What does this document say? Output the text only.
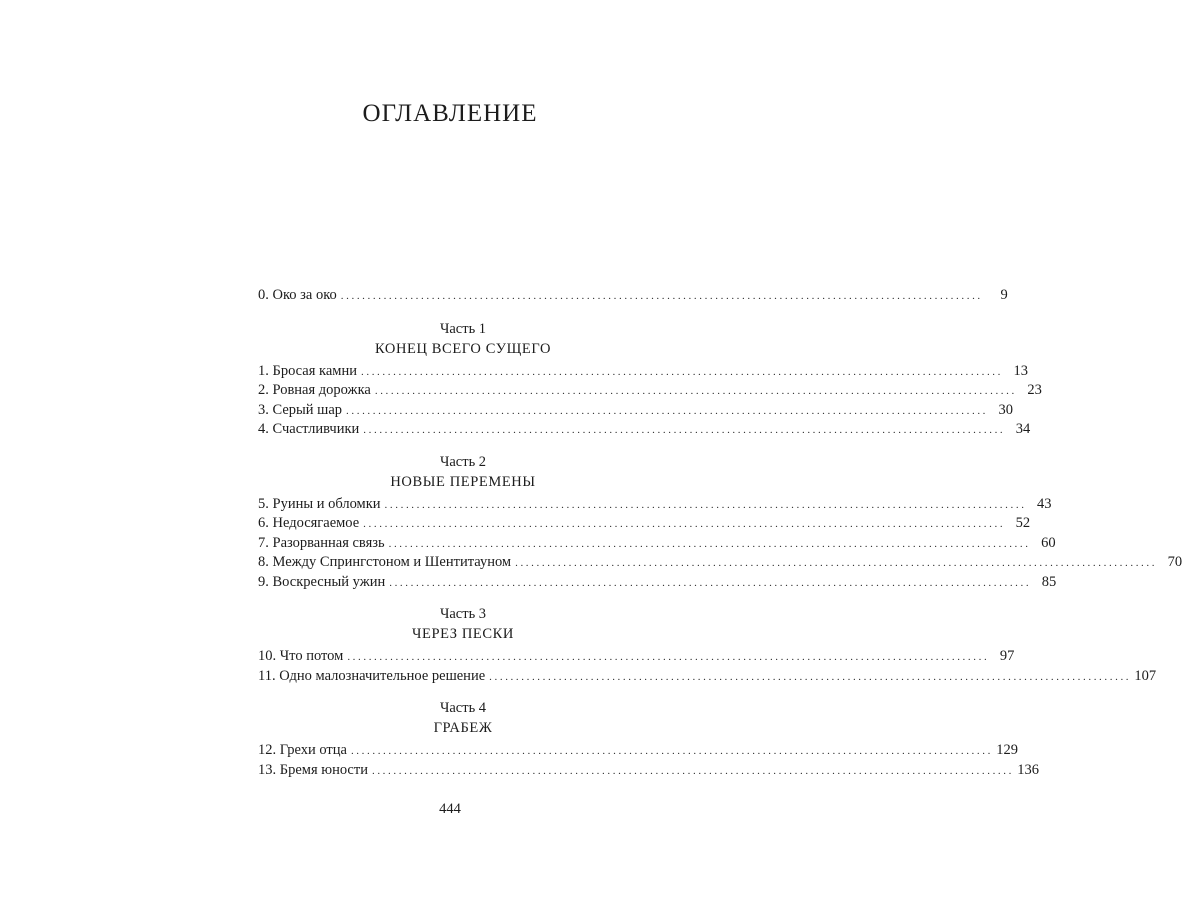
ОГЛАВЛЕНИЕ
0. Око за око ........................................................................................................................	9
Часть 1
КОНЕЦ ВСЕГО СУЩЕГО
1. Бросая камни ........................................................................................................................ 13
2. Ровная дорожка ........................................................................................................................ 23
3. Серый шар ........................................................................................................................ 30
4. Счастливчики ........................................................................................................................ 34
Часть 2
НОВЫЕ ПЕРЕМЕНЫ
5. Руины и обломки ........................................................................................................................ 43
6. Недосягаемое ........................................................................................................................ 52
7. Разорванная связь ........................................................................................................................ 60
8. Между Спрингстоном и Шентитауном ........................................................................................................................ 70
9. Воскресный ужин ........................................................................................................................ 85
Часть 3
ЧЕРЕЗ ПЕСКИ
10. Что потом ........................................................................................................................ 97
11. Одно малозначительное решение ........................................................................................................................ 107
Часть 4
ГРАБЕЖ
12. Грехи отца ........................................................................................................................ 129
13. Бремя юности ........................................................................................................................ 136
444
